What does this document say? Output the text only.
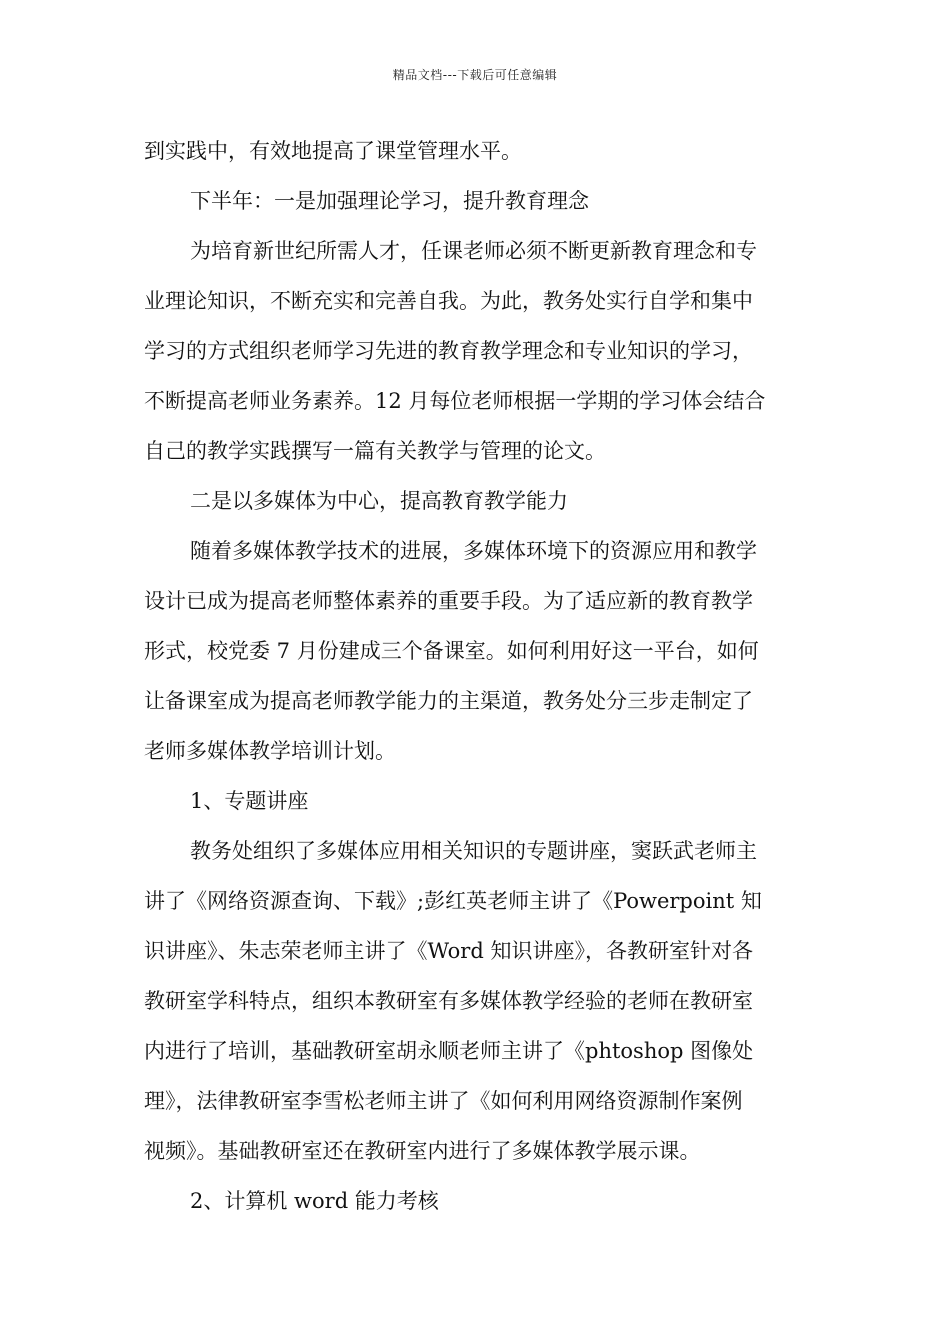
精品文档---下载后可任意编辑
到实践中，有效地提高了课堂管理水平。
下半年：一是加强理论学习，提升教育理念
为培育新世纪所需人才，任课老师必须不断更新教育理念和专
业理论知识，不断充实和完善自我。为此，教务处实行自学和集中
学习的方式组织老师学习先进的教育教学理念和专业知识的学习，
不断提高老师业务素养。12 月每位老师根据一学期的学习体会结合
自己的教学实践撰写一篇有关教学与管理的论文。
二是以多媒体为中心，提高教育教学能力
随着多媒体教学技术的进展，多媒体环境下的资源应用和教学
设计已成为提高老师整体素养的重要手段。为了适应新的教育教学
形式，校党委 7 月份建成三个备课室。如何利用好这一平台，如何
让备课室成为提高老师教学能力的主渠道，教务处分三步走制定了
老师多媒体教学培训计划。
1、专题讲座
教务处组织了多媒体应用相关知识的专题讲座，窦跃武老师主
讲了《网络资源查询、下载》;彭红英老师主讲了《Powerpoint 知
识讲座》、朱志荣老师主讲了《Word 知识讲座》，各教研室针对各
教研室学科特点，组织本教研室有多媒体教学经验的老师在教研室
内进行了培训，基础教研室胡永顺老师主讲了《phtoshop 图像处
理》，法律教研室李雪松老师主讲了《如何利用网络资源制作案例
视频》。基础教研室还在教研室内进行了多媒体教学展示课。
2、计算机 word 能力考核
